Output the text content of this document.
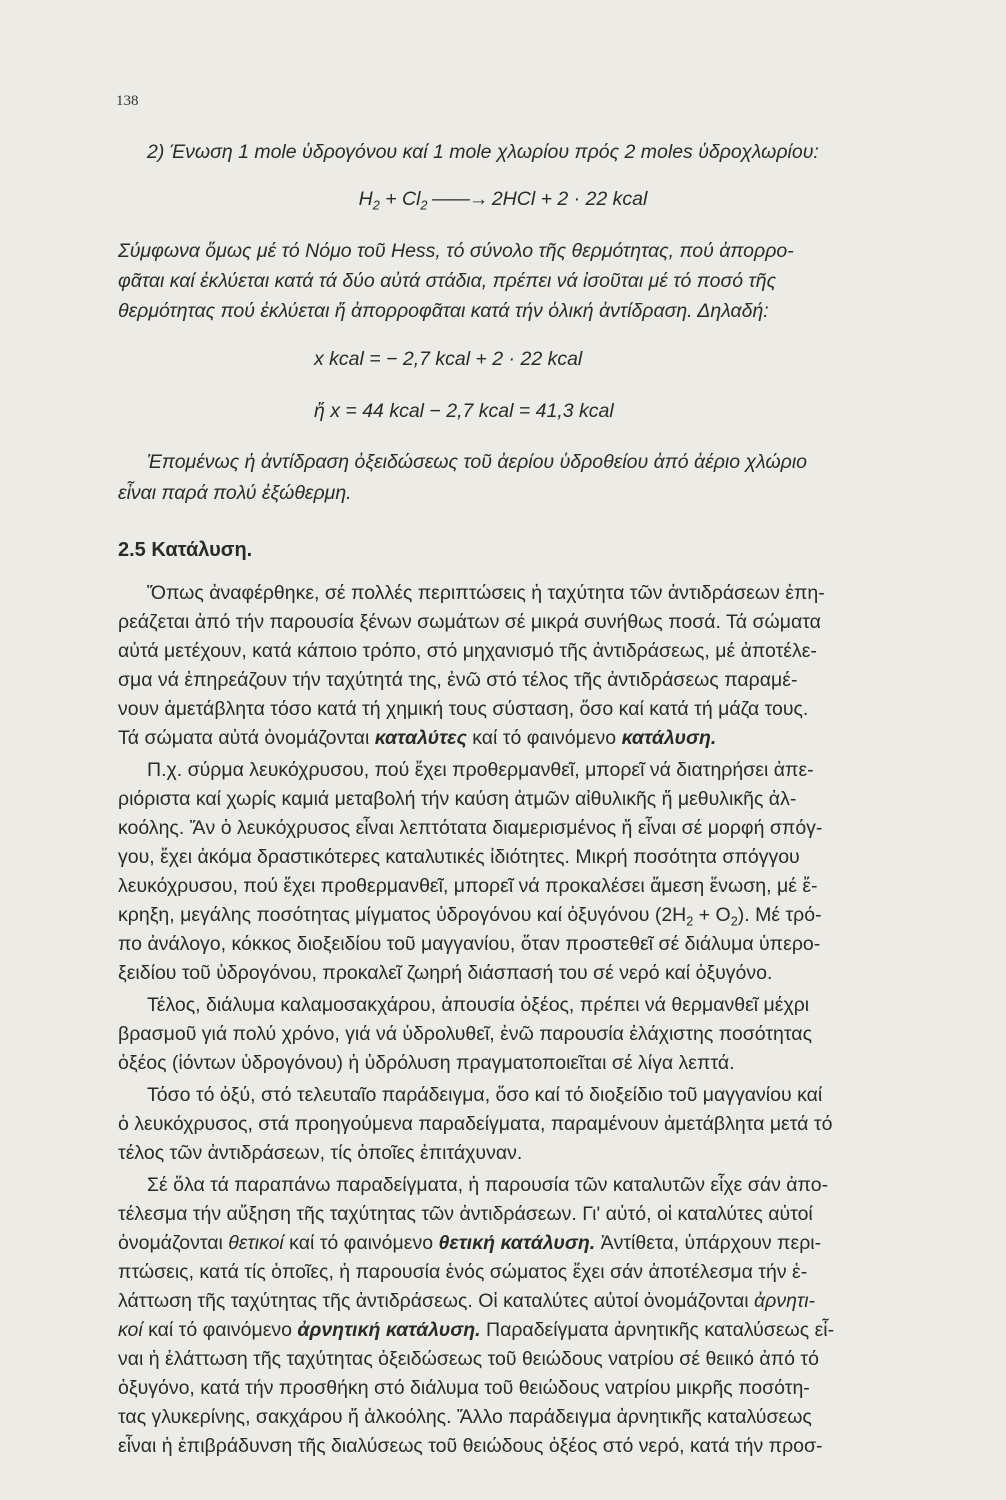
138
2) Ένωση 1 mole ὑδρογόνου καί 1 mole χλωρίου πρός 2 moles ὑδροχλωρίου:
$H_2 + Cl_2$ ——→ 2HCl + 2 · 22 kcal
Σύμφωνα ὅμως μέ τό Νόμο τοῦ Hess, τό σύνολο τῆς θερμότητας, πού ἀπορρο-
φᾶται καί ἐκλύεται κατά τά δύο αὐτά στάδια, πρέπει νά ἰσοῦται μέ τό ποσό τῆς
θερμότητας πού ἐκλύεται ἤ ἀπορροφᾶται κατά τήν ὁλική ἀντίδραση. Δηλαδή:
x kcal = − 2,7 kcal + 2 · 22 kcal
ἤ x = 44 kcal − 2,7 kcal = 41,3 kcal
Ἑπομένως ἡ ἀντίδραση ὀξειδώσεως τοῦ ἀερίου ὑδροθείου ἀπό ἀέριο χλώριο
εἶναι παρά πολύ ἐξώθερμη.
2.5 Κατάλυση.
Ὅπως ἀναφέρθηκε, σέ πολλές περιπτώσεις ἡ ταχύτητα τῶν ἀντιδράσεων ἐπη-
ρεάζεται ἀπό τήν παρουσία ξένων σωμάτων σέ μικρά συνήθως ποσά. Τά σώματα
αὐτά μετέχουν, κατά κάποιο τρόπο, στό μηχανισμό τῆς ἀντιδράσεως, μέ ἀποτέλε-
σμα νά ἐπηρεάζουν τήν ταχύτητά της, ἐνῶ στό τέλος τῆς ἀντιδράσεως παραμέ-
νουν ἀμετάβλητα τόσο κατά τή χημική τους σύσταση, ὅσο καί κατά τή μάζα τους.
Τά σώματα αὐτά ὀνομάζονται καταλύτες καί τό φαινόμενο κατάλυση.
Π.χ. σύρμα λευκόχρυσου, πού ἔχει προθερμανθεῖ, μπορεῖ νά διατηρήσει ἀπε-
ριόριστα καί χωρίς καμιά μεταβολή τήν καύση ἀτμῶν αἰθυλικῆς ἤ μεθυλικῆς ἀλ-
κοόλης. Ἄν ὁ λευκόχρυσος εἶναι λεπτότατα διαμερισμένος ἤ εἶναι σέ μορφή σπόγ-
γου, ἔχει ἀκόμα δραστικότερες καταλυτικές ἰδιότητες. Μικρή ποσότητα σπόγγου
λευκόχρυσου, πού ἔχει προθερμανθεῖ, μπορεῖ νά προκαλέσει ἄμεση ἕνωση, μέ ἔ-
κρηξη, μεγάλης ποσότητας μίγματος ὑδρογόνου καί ὀξυγόνου $(2H_2 + O_2)$. Μέ τρό-
πο ἀνάλογο, κόκκος διοξειδίου τοῦ μαγγανίου, ὅταν προστεθεῖ σέ διάλυμα ὑπερο-
ξειδίου τοῦ ὑδρογόνου, προκαλεῖ ζωηρή διάσπασή του σέ νερό καί ὀξυγόνο.
Τέλος, διάλυμα καλαμοσακχάρου, ἀπουσία ὀξέος, πρέπει νά θερμανθεῖ μέχρι
βρασμοῦ γιά πολύ χρόνο, γιά νά ὑδρολυθεῖ, ἐνῶ παρουσία ἐλάχιστης ποσότητας
ὀξέος (ἰόντων ὑδρογόνου) ἡ ὑδρόλυση πραγματοποιεῖται σέ λίγα λεπτά.
Τόσο τό ὀξύ, στό τελευταῖο παράδειγμα, ὅσο καί τό διοξείδιο τοῦ μαγγανίου καί
ὁ λευκόχρυσος, στά προηγούμενα παραδείγματα, παραμένουν ἀμετάβλητα μετά τό
τέλος τῶν ἀντιδράσεων, τίς ὁποῖες ἐπιτάχυναν.
Σέ ὅλα τά παραπάνω παραδείγματα, ἡ παρουσία τῶν καταλυτῶν εἶχε σάν ἀπο-
τέλεσμα τήν αὔξηση τῆς ταχύτητας τῶν ἀντιδράσεων. Γι' αὐτό, οἱ καταλύτες αὐτοί
ὀνομάζονται θετικοί καί τό φαινόμενο θετική κατάλυση. Ἀντίθετα, ὑπάρχουν περι-
πτώσεις, κατά τίς ὁποῖες, ἡ παρουσία ἑνός σώματος ἔχει σάν ἀποτέλεσμα τήν ἐ-
λάττωση τῆς ταχύτητας τῆς ἀντιδράσεως. Οἱ καταλύτες αὐτοί ὀνομάζονται ἀρνητι-
κοί καί τό φαινόμενο ἀρνητική κατάλυση. Παραδείγματα ἀρνητικῆς καταλύσεως εἶ-
ναι ἡ ἐλάττωση τῆς ταχύτητας ὀξειδώσεως τοῦ θειώδους νατρίου σέ θειικό ἀπό τό
ὀξυγόνο, κατά τήν προσθήκη στό διάλυμα τοῦ θειώδους νατρίου μικρῆς ποσότη-
τας γλυκερίνης, σακχάρου ἤ ἀλκοόλης. Ἄλλο παράδειγμα ἀρνητικῆς καταλύσεως
εἶναι ἡ ἐπιβράδυνση τῆς διαλύσεως τοῦ θειώδους ὀξέος στό νερό, κατά τήν προσ-
